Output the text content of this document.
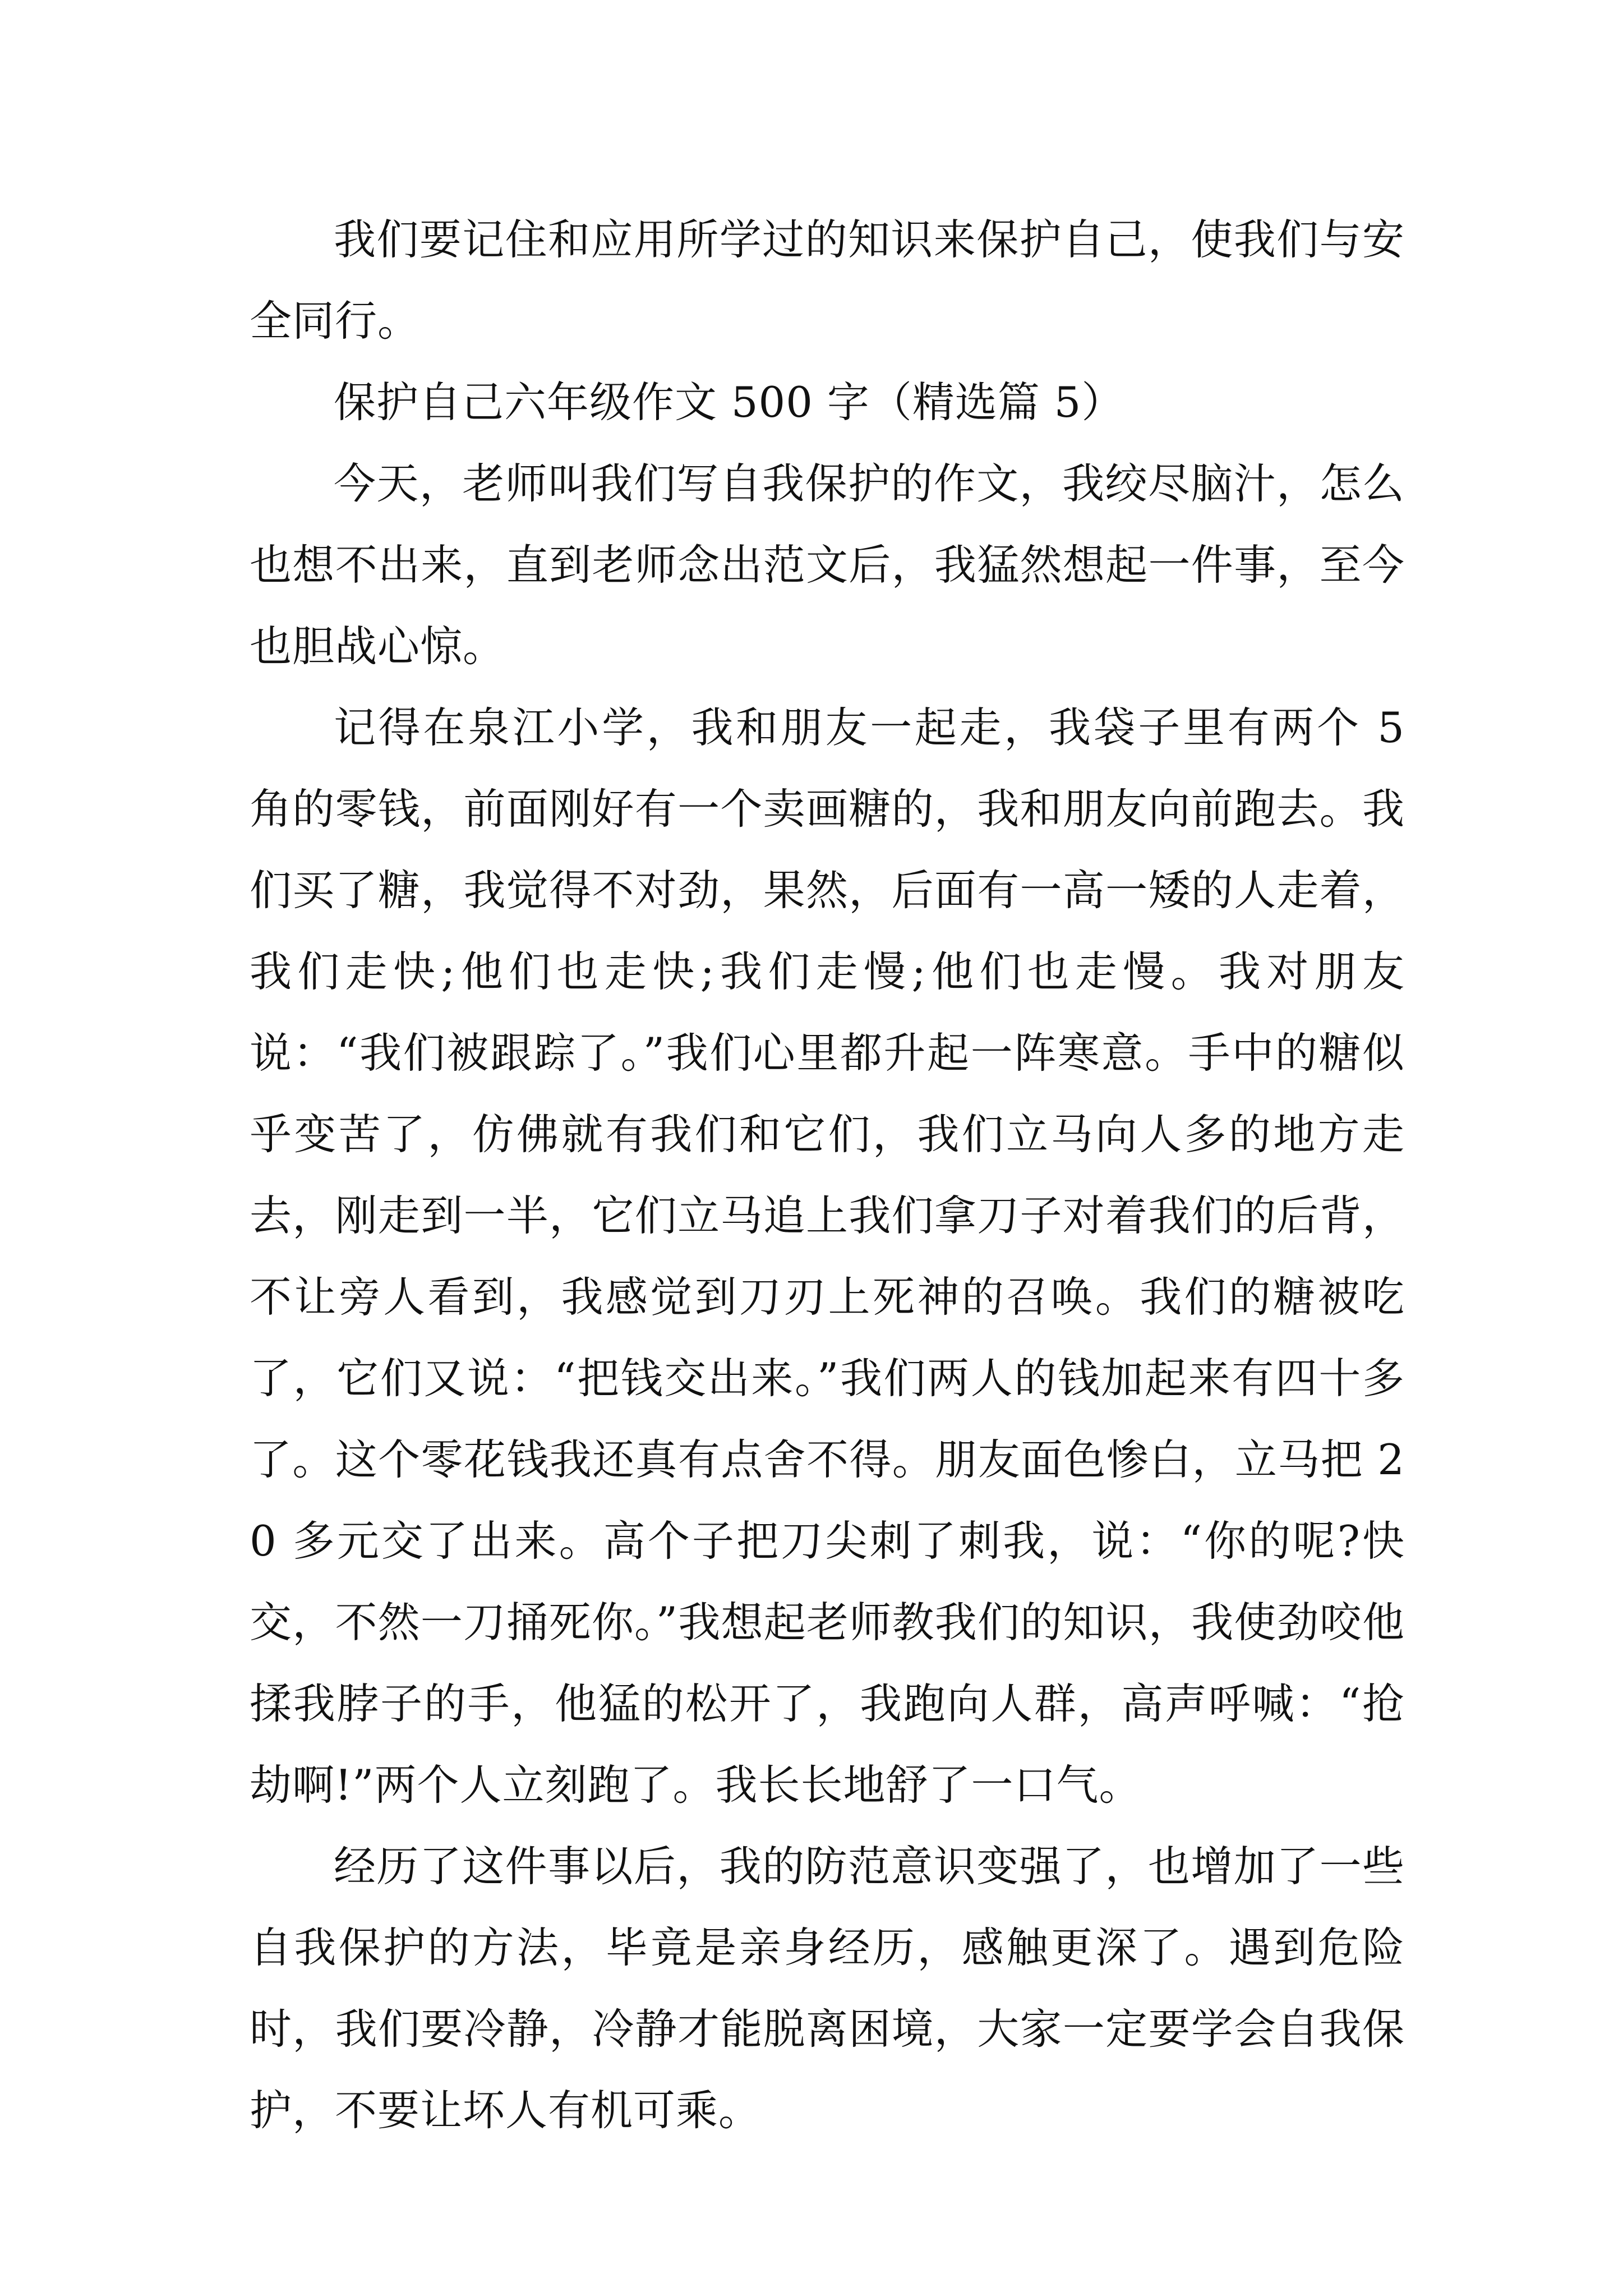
我们要记住和应用所学过的知识来保护自己，使我们与安全同行。

保护自己六年级作文 500 字（精选篇 5）

今天，老师叫我们写自我保护的作文，我绞尽脑汁，怎么也想不出来，直到老师念出范文后，我猛然想起一件事，至今也胆战心惊。

记得在泉江小学，我和朋友一起走，我袋子里有两个 5 角的零钱，前面刚好有一个卖画糖的，我和朋友向前跑去。我们买了糖，我觉得不对劲，果然，后面有一高一矮的人走着，我们走快;他们也走快;我们走慢;他们也走慢。我对朋友说：“我们被跟踪了。”我们心里都升起一阵寒意。手中的糖似乎变苦了，仿佛就有我们和它们，我们立马向人多的地方走去，刚走到一半，它们立马追上我们拿刀子对着我们的后背，不让旁人看到，我感觉到刀刃上死神的召唤。我们的糖被吃了，它们又说：“把钱交出来。”我们两人的钱加起来有四十多了。这个零花钱我还真有点舍不得。朋友面色惨白，立马把 20 多元交了出来。高个子把刀尖刺了刺我，说：“你的呢?快交，不然一刀捅死你。”我想起老师教我们的知识，我使劲咬他揉我脖子的手，他猛的松开了，我跑向人群，高声呼喊：“抢劫啊!”两个人立刻跑了。我长长地舒了一口气。

经历了这件事以后，我的防范意识变强了，也增加了一些自我保护的方法，毕竟是亲身经历，感触更深了。遇到危险时，我们要冷静，冷静才能脱离困境，大家一定要学会自我保护，不要让坏人有机可乘。
